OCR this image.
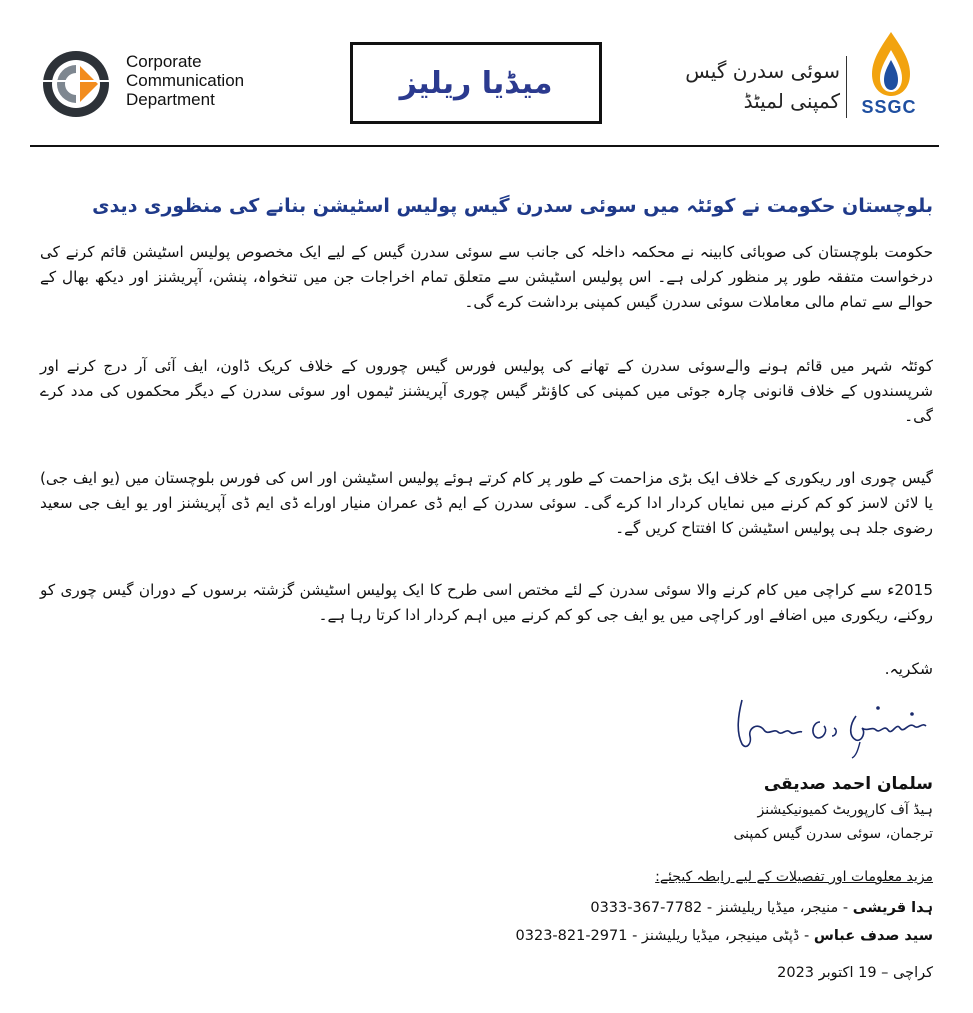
Corporate
Communication
Department	میڈیا ریلیز	سوئی سدرن گیس
کمپنی لمیٹڈ	SSGC
بلوچستان حکومت نے کوئٹہ میں سوئی سدرن گیس پولیس اسٹیشن بنانے کی منظوری دیدی

حکومت بلوچستان کی صوبائی کابینہ نے محکمہ داخلہ کی جانب سے سوئی سدرن گیس کے لیے ایک مخصوص پولیس اسٹیشن قائم کرنے کی درخواست متفقہ طور پر منظور کرلی ہے۔ اس پولیس اسٹیشن سے متعلق تمام اخراجات جن میں تنخواہ، پنشن، آپریشنز اور دیکھ بھال کے حوالے سے تمام مالی معاملات سوئی سدرن گیس کمپنی برداشت کرے گی۔

کوئٹہ شہر میں قائم ہونے والےسوئی سدرن کے تھانے کی پولیس فورس گیس چوروں کے خلاف کریک ڈاون، ایف آئی آر درج کرنے اور شرپسندوں کے خلاف قانونی چارہ جوئی میں کمپنی کی کاؤنٹر گیس چوری آپریشنز ٹیموں اور سوئی سدرن کے دیگر محکموں کی مدد کرے گی۔

گیس چوری اور ریکوری کے خلاف ایک بڑی مزاحمت کے طور پر کام کرتے ہوئے پولیس اسٹیشن اور اس کی فورس بلوچستان میں (یو ایف جی) یا لائن لاسز کو کم کرنے میں نمایاں کردار ادا کرے گی۔ سوئی سدرن کے ایم ڈی عمران منیار اوراے ڈی ایم ڈی آپریشنز اور یو ایف جی سعید رضوی جلد ہی پولیس اسٹیشن کا افتتاح کریں گے۔

2015ء سے کراچی میں کام کرنے والا سوئی سدرن کے لئے مختص اسی طرح کا ایک پولیس اسٹیشن گزشتہ برسوں کے دوران گیس چوری کو روکنے، ریکوری میں اضافے اور کراچی میں یو ایف جی کو کم کرنے میں اہم کردار ادا کرتا رہا ہے۔

شکریہ.
سلمان احمد صدیقی
ہیڈ آف کارپوریٹ کمیونیکیشنز
ترجمان، سوئی سدرن گیس کمپنی
مزید معلومات اور تفصیلات کے لیے رابطہ کیجئے:
ہدا قریشی - منیجر، میڈیا ریلیشنز - 0333-367-7782
سید صدف عباس - ڈپٹی مینیجر، میڈیا ریلیشنز - 0323-821-2971
کراچی – 19 اکتوبر 2023
